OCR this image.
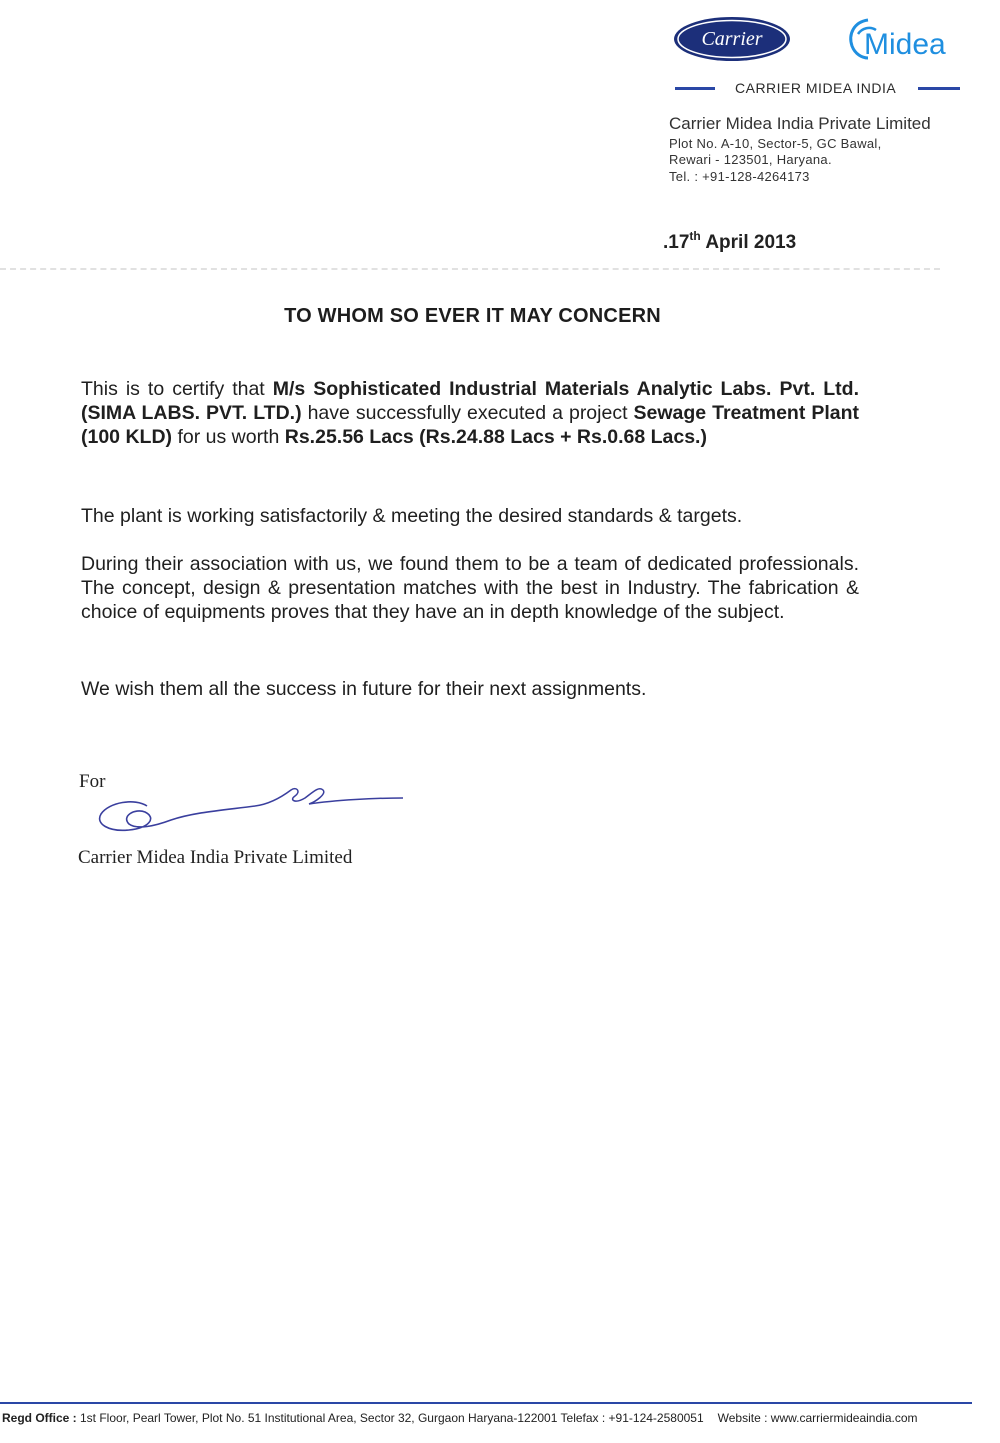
Carrier	Midea
CARRIER MIDEA INDIA
Carrier Midea India Private Limited
Plot No. A-10, Sector-5, GC Bawal,
Rewari - 123501, Haryana.
Tel. : +91-128-4264173
.17th April 2013
TO WHOM SO EVER IT MAY CONCERN
This is to certify that M/s Sophisticated Industrial Materials Analytic Labs. Pvt. Ltd. (SIMA LABS. PVT. LTD.) have successfully executed a project Sewage Treatment Plant (100 KLD) for us worth Rs.25.56 Lacs (Rs.24.88 Lacs + Rs.0.68 Lacs.)
The plant is working satisfactorily & meeting the desired standards & targets.
During their association with us, we found them to be a team of dedicated professionals. The concept, design & presentation matches with the best in Industry. The fabrication & choice of equipments proves that they have an in depth knowledge of the subject.
We wish them all the success in future for their next assignments.
For
Carrier Midea India Private Limited
Regd Office : 1st Floor, Pearl Tower, Plot No. 51 Institutional Area, Sector 32, Gurgaon Haryana-122001 Telefax : +91-124-2580051 Website : www.carriermideaindia.com
